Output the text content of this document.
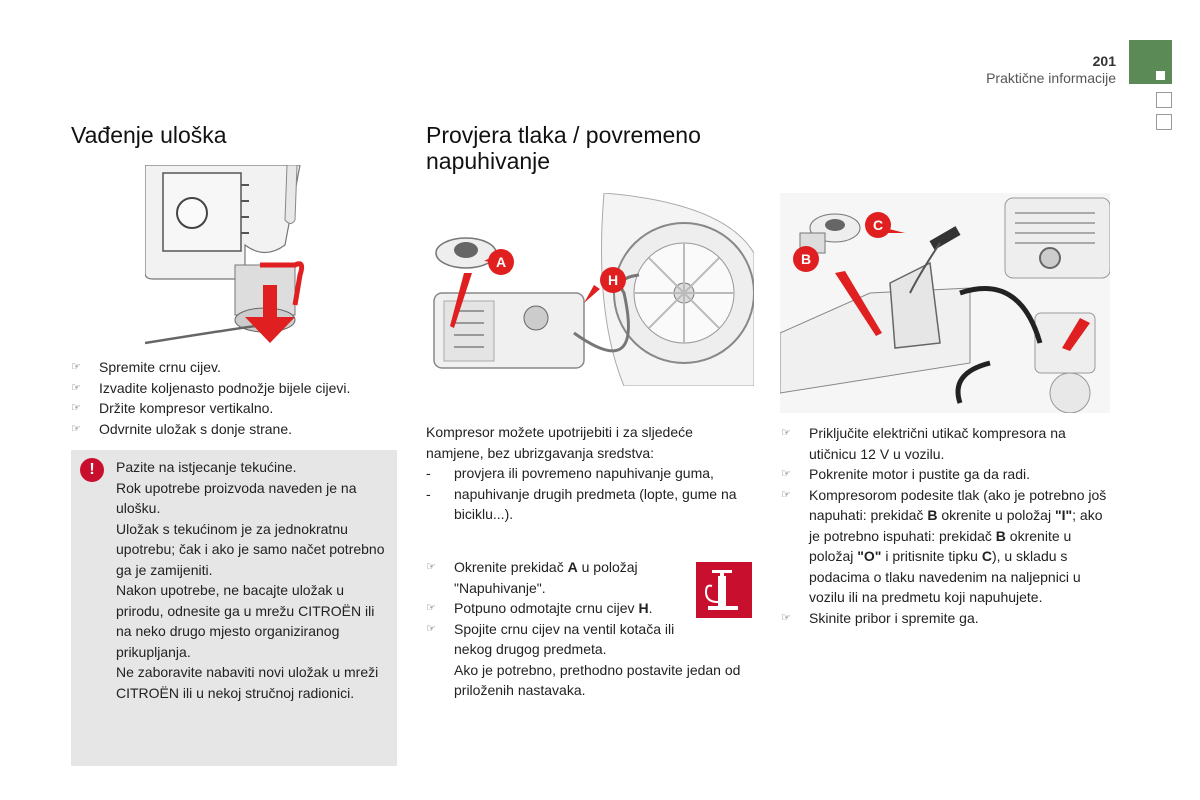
201
Praktične informacije
Vađenje uloška
☞ Spremite crnu cijev.
☞ Izvadite koljenasto podnožje bijele cijevi.
☞ Držite kompresor vertikalno.
☞ Odvrnite uložak s donje strane.
!	Pazite na istjecanje tekućine.

Rok upotrebe proizvoda naveden je na ulošku.

Uložak s tekućinom je za jednokratnu upotrebu; čak i ako je samo načet potrebno ga je zamijeniti.

Nakon upotrebe, ne bacajte uložak u prirodu, odnesite ga u mrežu CITROËN ili na neko drugo mjesto organiziranog prikupljanja.

Ne zaboravite nabaviti novi uložak u mreži CITROËN ili u nekoj stručnoj radionici.

Provjera tlaka / povremeno
napuhivanje
A
H

Kompresor možete upotrijebiti i za sljedeće namjene, bez ubrizgavanja sredstva:

- provjera ili povremeno napuhivanje guma,
- napuhivanje drugih predmeta (lopte, gume na biciklu...).
☞ Okrenite prekidač A u položaj "Napuhivanje".
☞ Potpuno odmotajte crnu cijev H.
☞ Spojite crnu cijev na ventil kotača ili nekog drugog predmeta.
Ako je potrebno, prethodno postavite jedan od priloženih nastavaka.
B
C
☞ Priključite električni utikač kompresora na utičnicu 12 V u vozilu.
☞ Pokrenite motor i pustite ga da radi.
☞ Kompresorom podesite tlak (ako je potrebno još napuhati: prekidač B okrenite u položaj "I"; ako je potrebno ispuhati: prekidač B okrenite u položaj "O" i pritisnite tipku C), u skladu s podacima o tlaku navedenim na naljepnici u vozilu ili na predmetu koji napuhujete.
☞ Skinite pribor i spremite ga.
